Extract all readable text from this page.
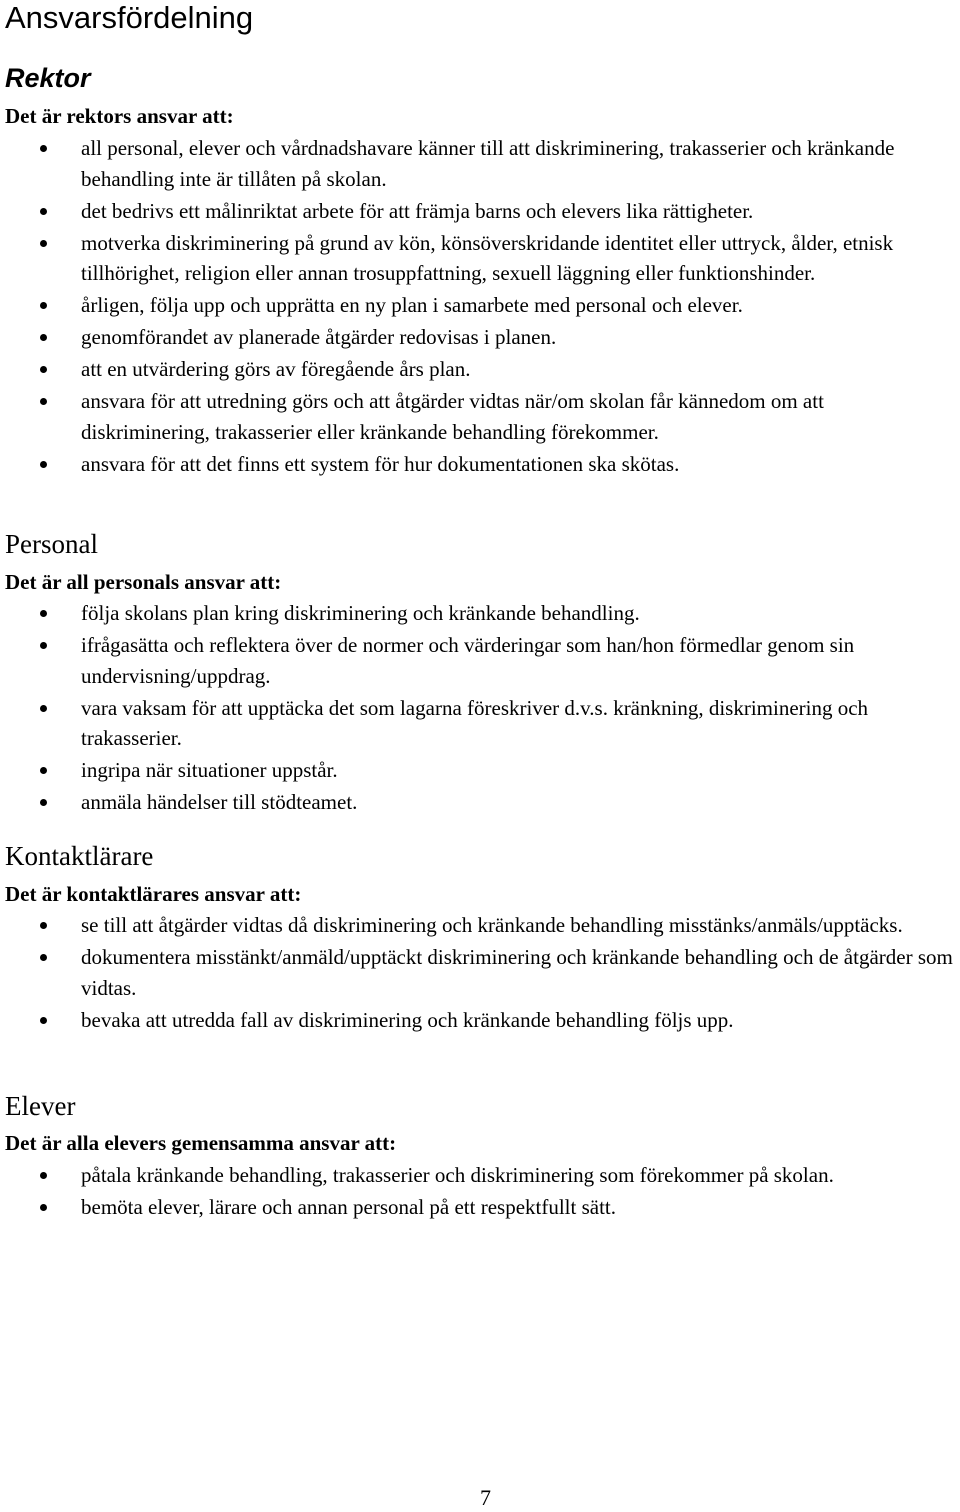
Ansvarsfördelning
Rektor

Det är rektors ansvar att:

all personal, elever och vårdnadshavare känner till att diskriminering, trakasserier och kränkande behandling inte är tillåten på skolan.
det bedrivs ett målinriktat arbete för att främja barns och elevers lika rättigheter.
motverka diskriminering på grund av kön, könsöverskridande identitet eller uttryck, ålder, etnisk tillhörighet, religion eller annan trosuppfattning, sexuell läggning eller funktionshinder.
årligen, följa upp och upprätta en ny plan i samarbete med personal och elever.
genomförandet av planerade åtgärder redovisas i planen.
att en utvärdering görs av föregående års plan.
ansvara för att utredning görs och att åtgärder vidtas när/om skolan får kännedom om att diskriminering, trakasserier eller kränkande behandling förekommer.
ansvara för att det finns ett system för hur dokumentationen ska skötas.
Personal

Det är all personals ansvar att:

följa skolans plan kring diskriminering och kränkande behandling.
ifrågasätta och reflektera över de normer och värderingar som han/hon förmedlar genom sin undervisning/uppdrag.
vara vaksam för att upptäcka det som lagarna föreskriver d.v.s. kränkning, diskriminering och trakasserier.
ingripa när situationer uppstår.
anmäla händelser till stödteamet.
Kontaktlärare

Det är kontaktlärares ansvar att:

se till att åtgärder vidtas då diskriminering och kränkande behandling misstänks/anmäls/upptäcks.
dokumentera misstänkt/anmäld/upptäckt diskriminering och kränkande behandling och de åtgärder som vidtas.
bevaka att utredda fall av diskriminering och kränkande behandling följs upp.
Elever

Det är alla elevers gemensamma ansvar att:

påtala kränkande behandling, trakasserier och diskriminering som förekommer på skolan.
bemöta elever, lärare och annan personal på ett respektfullt sätt.

7
